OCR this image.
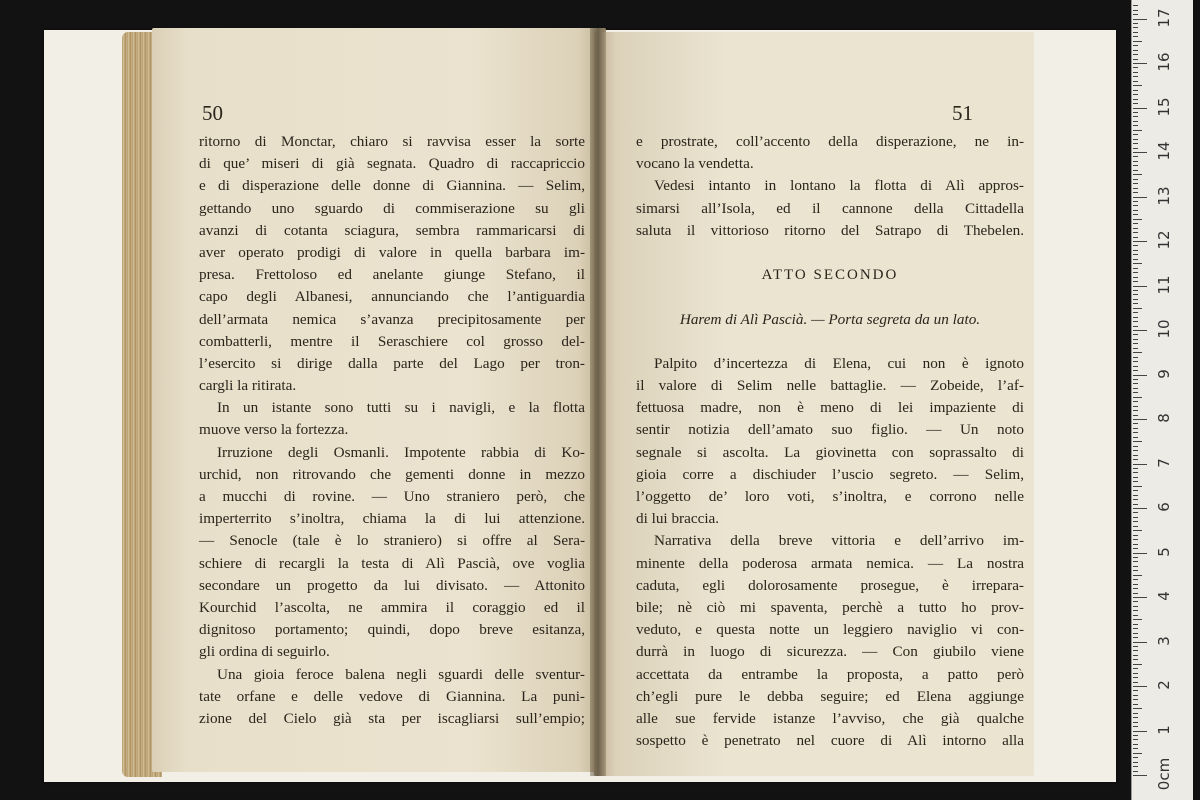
50
ritorno di Monctar, chiaro si ravvisa esser la sorte
di que’ miseri di già segnata. Quadro di raccapriccio
e di disperazione delle donne di Giannina. — Selim,
gettando uno sguardo di commiserazione su gli
avanzi di cotanta sciagura, sembra rammaricarsi di
aver operato prodigi di valore in quella barbara im-
presa. Frettoloso ed anelante giunge Stefano, il
capo degli Albanesi, annunciando che l’antiguardia
dell’armata nemica s’avanza precipitosamente per
combatterli, mentre il Seraschiere col grosso del-
l’esercito si dirige dalla parte del Lago per tron-
cargli la ritirata.
In un istante sono tutti su i navigli, e la flotta
muove verso la fortezza.
Irruzione degli Osmanli. Impotente rabbia di Ko-
urchid, non ritrovando che gementi donne in mezzo
a mucchi di rovine. — Uno straniero però, che
imperterrito s’inoltra, chiama la di lui attenzione.
— Senocle (tale è lo straniero) si offre al Sera-
schiere di recargli la testa di Alì Pascià, ove voglia
secondare un progetto da lui divisato. — Attonito
Kourchid l’ascolta, ne ammira il coraggio ed il
dignitoso portamento; quindi, dopo breve esitanza,
gli ordina di seguirlo.
Una gioia feroce balena negli sguardi delle sventur-
tate orfane e delle vedove di Giannina. La puni-
zione del Cielo già sta per iscagliarsi sull’empio;
51
e prostrate, coll’accento della disperazione, ne in-
vocano la vendetta.
Vedesi intanto in lontano la flotta di Alì appros-
simarsi all’Isola, ed il cannone della Cittadella
saluta il vittorioso ritorno del Satrapo di Thebelen.
ATTO SECONDO
Harem di Alì Pascià. — Porta segreta da un lato.
Palpito d’incertezza di Elena, cui non è ignoto
il valore di Selim nelle battaglie. — Zobeide, l’af-
fettuosa madre, non è meno di lei impaziente di
sentir notizia dell’amato suo figlio. — Un noto
segnale si ascolta. La giovinetta con soprassalto di
gioia corre a dischiuder l’uscio segreto. — Selim,
l’oggetto de’ loro voti, s’inoltra, e corrono nelle
di lui braccia.
Narrativa della breve vittoria e dell’arrivo im-
minente della poderosa armata nemica. — La nostra
caduta, egli dolorosamente prosegue, è irrepara-
bile; nè ciò mi spaventa, perchè a tutto ho prov-
veduto, e questa notte un leggiero naviglio vi con-
durrà in luogo di sicurezza. — Con giubilo viene
accettata da entrambe la proposta, a patto però
ch’egli pure le debba seguire; ed Elena aggiunge
alle sue fervide istanze l’avviso, che già qualche
sospetto è penetrato nel cuore di Alì intorno alla
0cm
1
2
3
4
5
6
7
8
9
10
11
12
13
14
15
16
17
